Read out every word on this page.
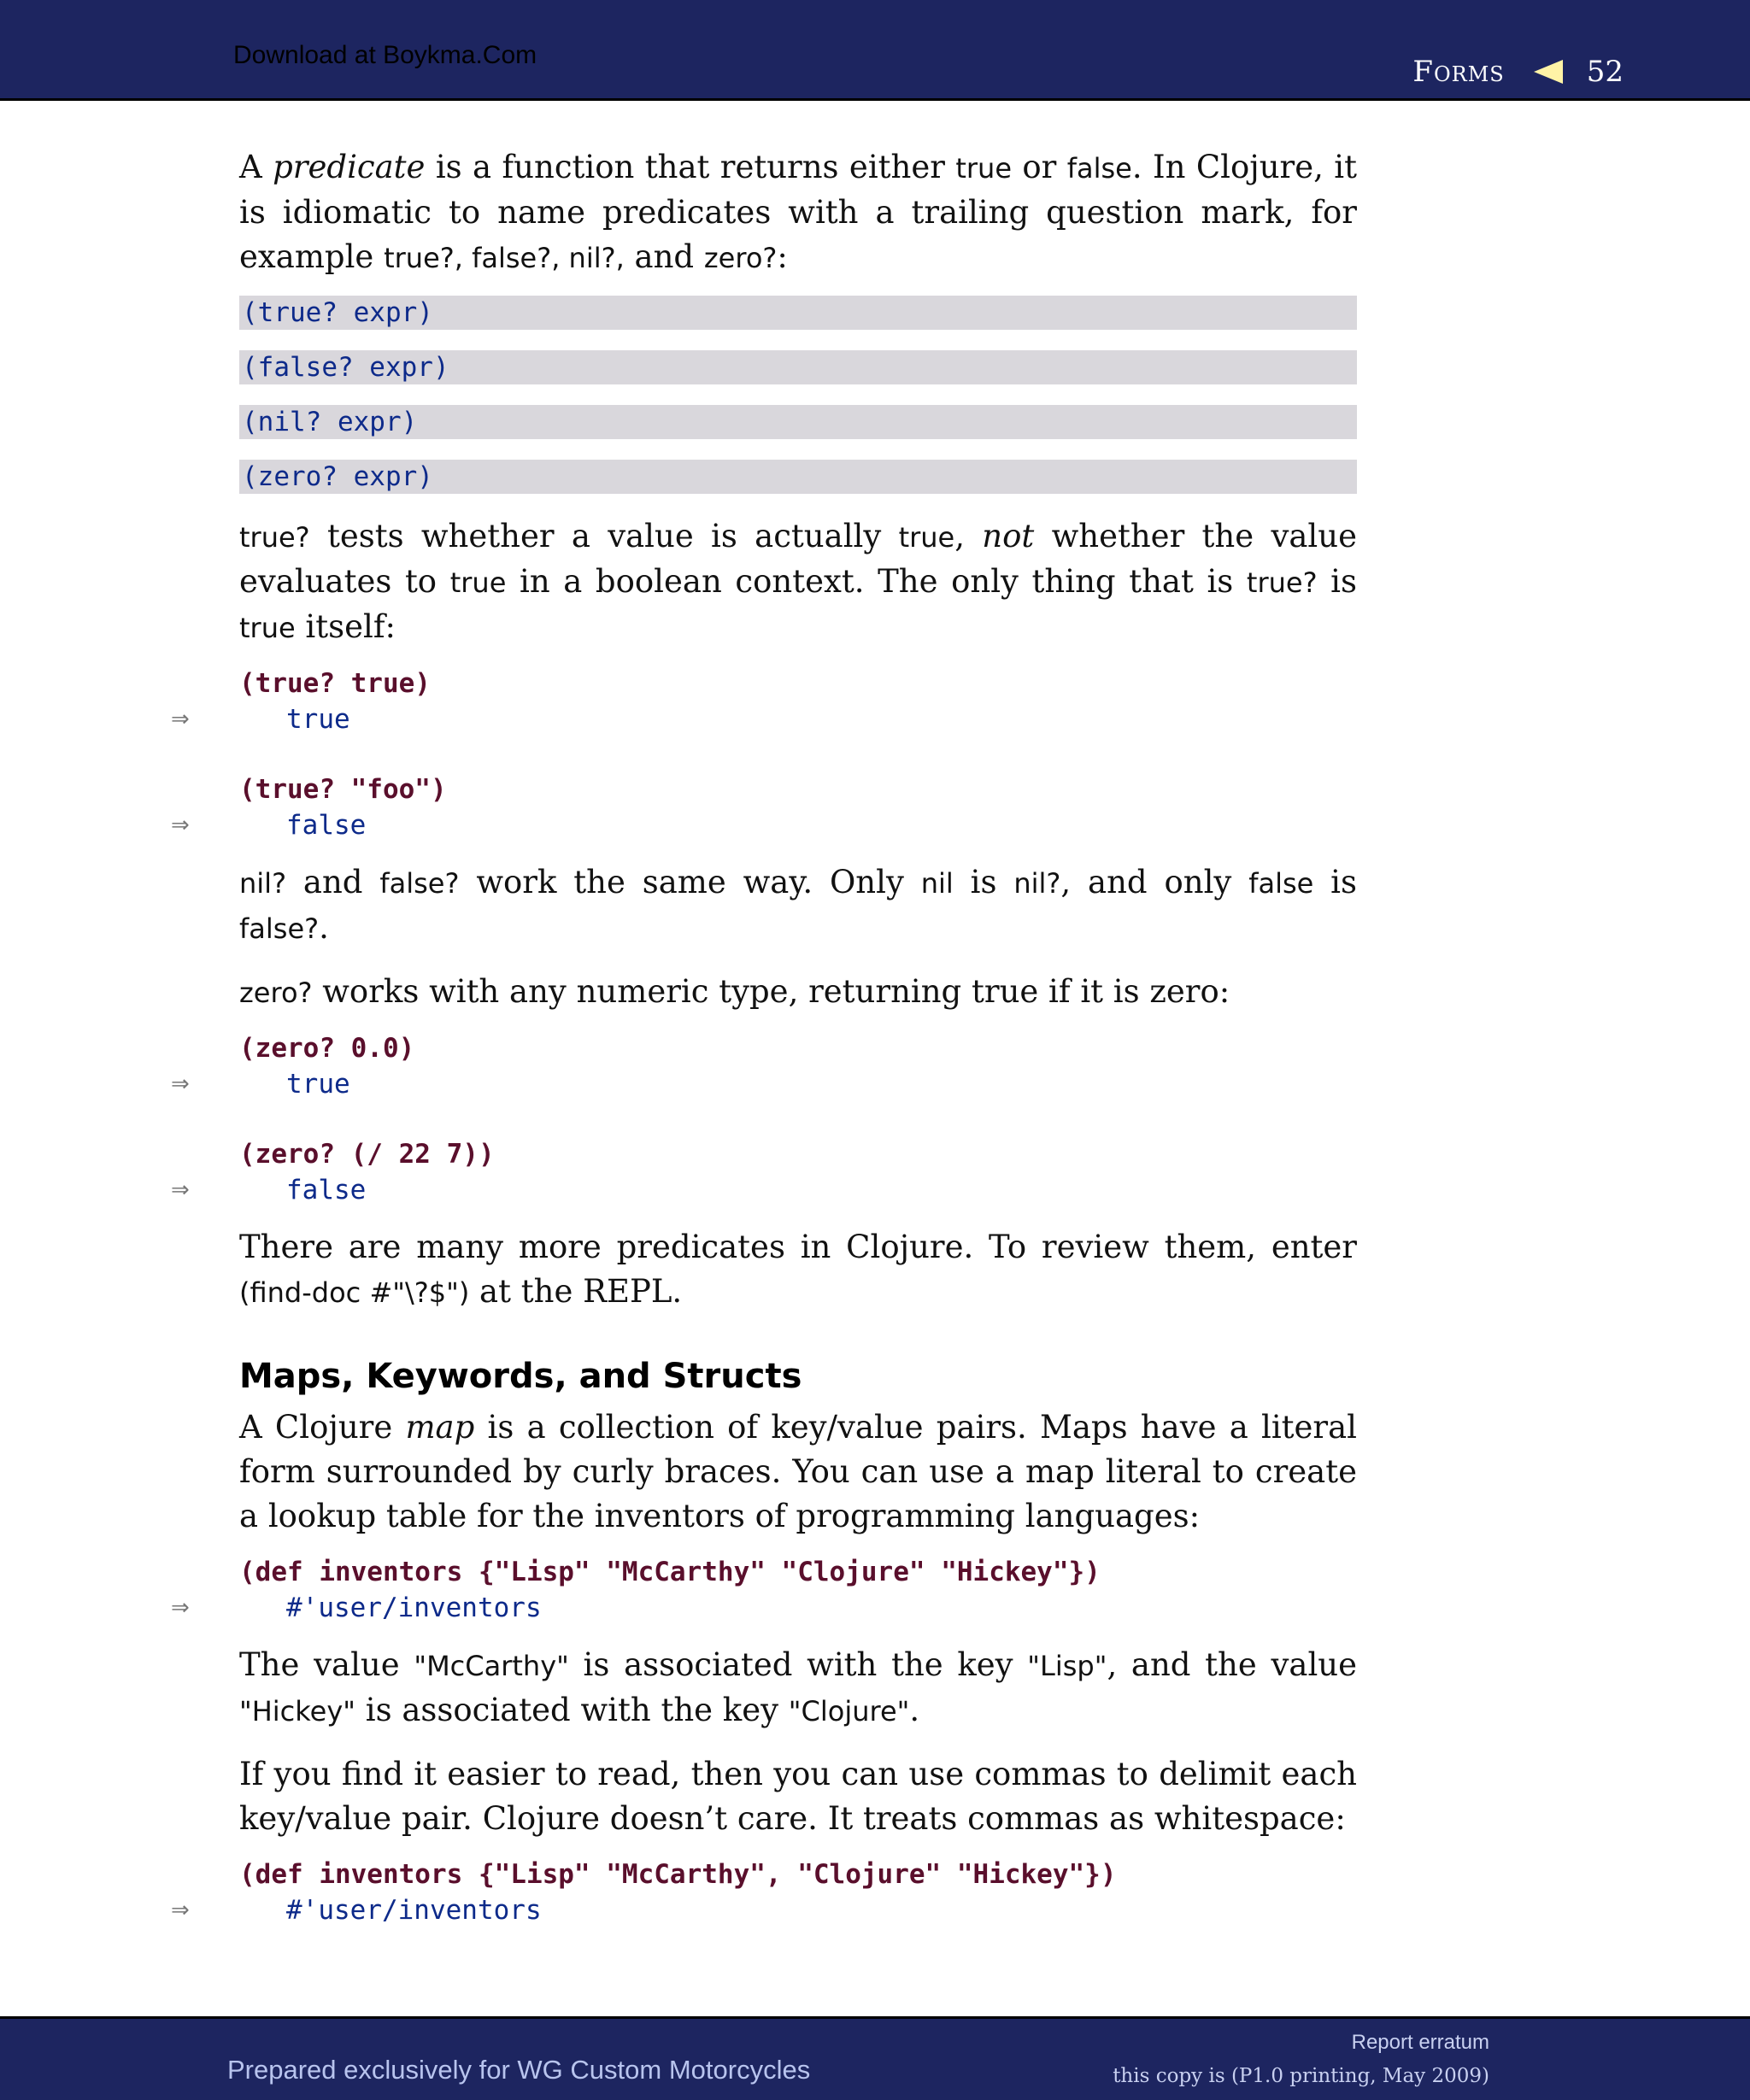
Download at Boykma.Com	Forms	52

A predicate is a function that returns either true or false. In Clojure, it is idiomatic to name predicates with a trailing question mark, for example true?, false?, nil?, and zero?:

(true? expr)
(false? expr)
(nil? expr)
(zero? expr)

true? tests whether a value is actually true, not whether the value evaluates to true in a boolean context. The only thing that is true? is true itself:

(true? true)
⇒	true
(true? "foo")
⇒	false

nil? and false? work the same way. Only nil is nil?, and only false is false?.

zero? works with any numeric type, returning true if it is zero:

(zero? 0.0)
⇒	true
(zero? (/ 22 7))
⇒	false

There are many more predicates in Clojure. To review them, enter (find-doc #"\?$") at the REPL.

Maps, Keywords, and Structs

A Clojure map is a collection of key/value pairs. Maps have a literal form surrounded by curly braces. You can use a map literal to create a lookup table for the inventors of programming languages:

(def inventors {"Lisp" "McCarthy" "Clojure" "Hickey"})
⇒	#'user/inventors

The value "McCarthy" is associated with the key "Lisp", and the value "Hickey" is associated with the key "Clojure".

If you find it easier to read, then you can use commas to delimit each key/value pair. Clojure doesn’t care. It treats commas as whitespace:

(def inventors {"Lisp" "McCarthy", "Clojure" "Hickey"})
⇒	#'user/inventors
Prepared exclusively for WG Custom Motorcycles
Report erratum
this copy is (P1.0 printing, May 2009)
